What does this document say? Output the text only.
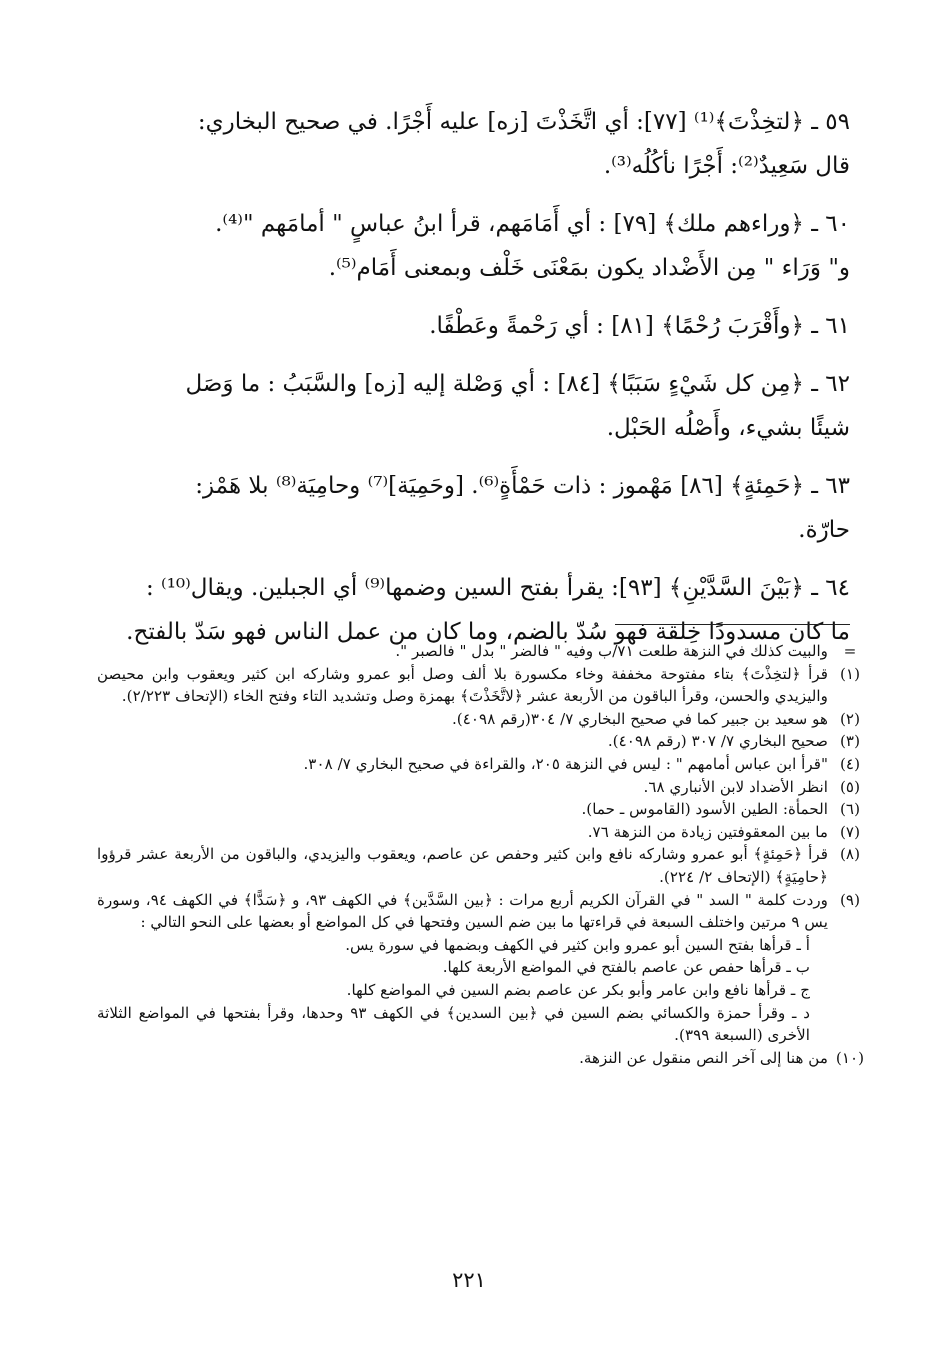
٥٩ ـ ﴿لتخِذْتَ﴾⁽¹⁾ [٧٧]: أي اتَّخَذْتَ [زه] عليه أَجْرًا. في صحيح البخاري:
قال سَعِيدٌ⁽²⁾: أَجْرًا نأكُلُه⁽³⁾.

٦٠ ـ ﴿وراءهم ملك﴾ [٧٩] : أي أَمَامَهم، قرأ ابنُ عباسٍ " أمامَهم "⁽⁴⁾.
و" وَرَاء " مِن الأَضْداد يكون بمَعْنَى خَلْف وبمعنى أَمَام⁽⁵⁾.

٦١ ـ ﴿وأَقْرَبَ رُحْمًا﴾ [٨١] : أي رَحْمةً وعَطْفًا.

٦٢ ـ ﴿مِن كل شَيْءٍ سَبَبًا﴾ [٨٤] : أي وَصْلة إليه [زه] والسَّبَبُ : ما وَصَل
شيئًا بشيء، وأَصْلُه الحَبْل.

٦٣ ـ ﴿حَمِئةٍ﴾ [٨٦] مَهْموز : ذات حَمْأَةٍ⁽⁶⁾. [وحَمِيَة]⁽⁷⁾ وحامِيَة⁽⁸⁾ بلا هَمْز:
حارّة.

٦٤ ـ ﴿بَيْنَ السَّدَّيْنِ﴾ [٩٣]: يقرأ بفتح السين وضمها⁽⁹⁾ أي الجبلين. ويقال⁽¹⁰⁾ :
ما كان مسدودًا خِلقة فهو سُدّ بالضم، وما كان من عمل الناس فهو سَدّ بالفتح.

=
والبيت كذلك في النزهة طلعت ٧١/ب وفيه " فالضر " بدل " فالصبر ".
(١)
قرأ ﴿لتخِذْتَ﴾ بتاء مفتوحة مخففة وخاء مكسورة بلا ألف وصل أبو عمرو وشاركه ابن كثير ويعقوب وابن محيصن واليزيدي والحسن، وقرأ الباقون من الأربعة عشر ﴿لاتَّخَذْتَ﴾ بهمزة وصل وتشديد التاء وفتح الخاء (الإتحاف ٢/٢٢٣).
(٢)
هو سعيد بن جبير كما في صحيح البخاري ٧/ ٣٠٤(رقم ٤٠٩٨).
(٣)
صحيح البخاري ٧/ ٣٠٧ (رقم ٤٠٩٨).
(٤)
"قرأ ابن عباس أمامهم " : ليس في النزهة ٢٠٥، والقراءة في صحيح البخاري ٧/ ٣٠٨.
(٥)
انظر الأضداد لابن الأنباري ٦٨.
(٦)
الحمأة: الطين الأسود (القاموس ـ حما).
(٧)
ما بين المعقوفتين زيادة من النزهة ٧٦.
(٨)
قرأ ﴿حَمِئةٍ﴾ أبو عمرو وشاركه نافع وابن كثير وحفص عن عاصم، ويعقوب واليزيدي، والباقون من الأربعة عشر قرؤوا ﴿حامِيَةٍ﴾ (الإتحاف ٢/ ٢٢٤).
(٩)
وردت كلمة " السد " في القرآن الكريم أربع مرات : ﴿بين السَّدَّين﴾ في الكهف ٩٣، و ﴿سَدًّا﴾ في الكهف ٩٤، وسورة يس ٩ مرتين واختلف السبعة في قراءتها ما بين ضم السين وفتحها في كل المواضع أو بعضها على النحو التالي :
أ ـ قرأها بفتح السين أبو عمرو وابن كثير في الكهف وبضمها في سورة يس.
ب ـ قرأها حفص عن عاصم بالفتح في المواضع الأربعة كلها.
ج ـ قرأها نافع وابن عامر وأبو بكر عن عاصم بضم السين في المواضع كلها.
د ـ وقرأ حمزة والكسائي بضم السين في ﴿بين السدين﴾ في الكهف ٩٣ وحدها، وقرأ بفتحها في المواضع الثلاثة الأخرى (السبعة ٣٩٩).
(١٠)
من هنا إلى آخر النص منقول عن النزهة.
٢٢١
